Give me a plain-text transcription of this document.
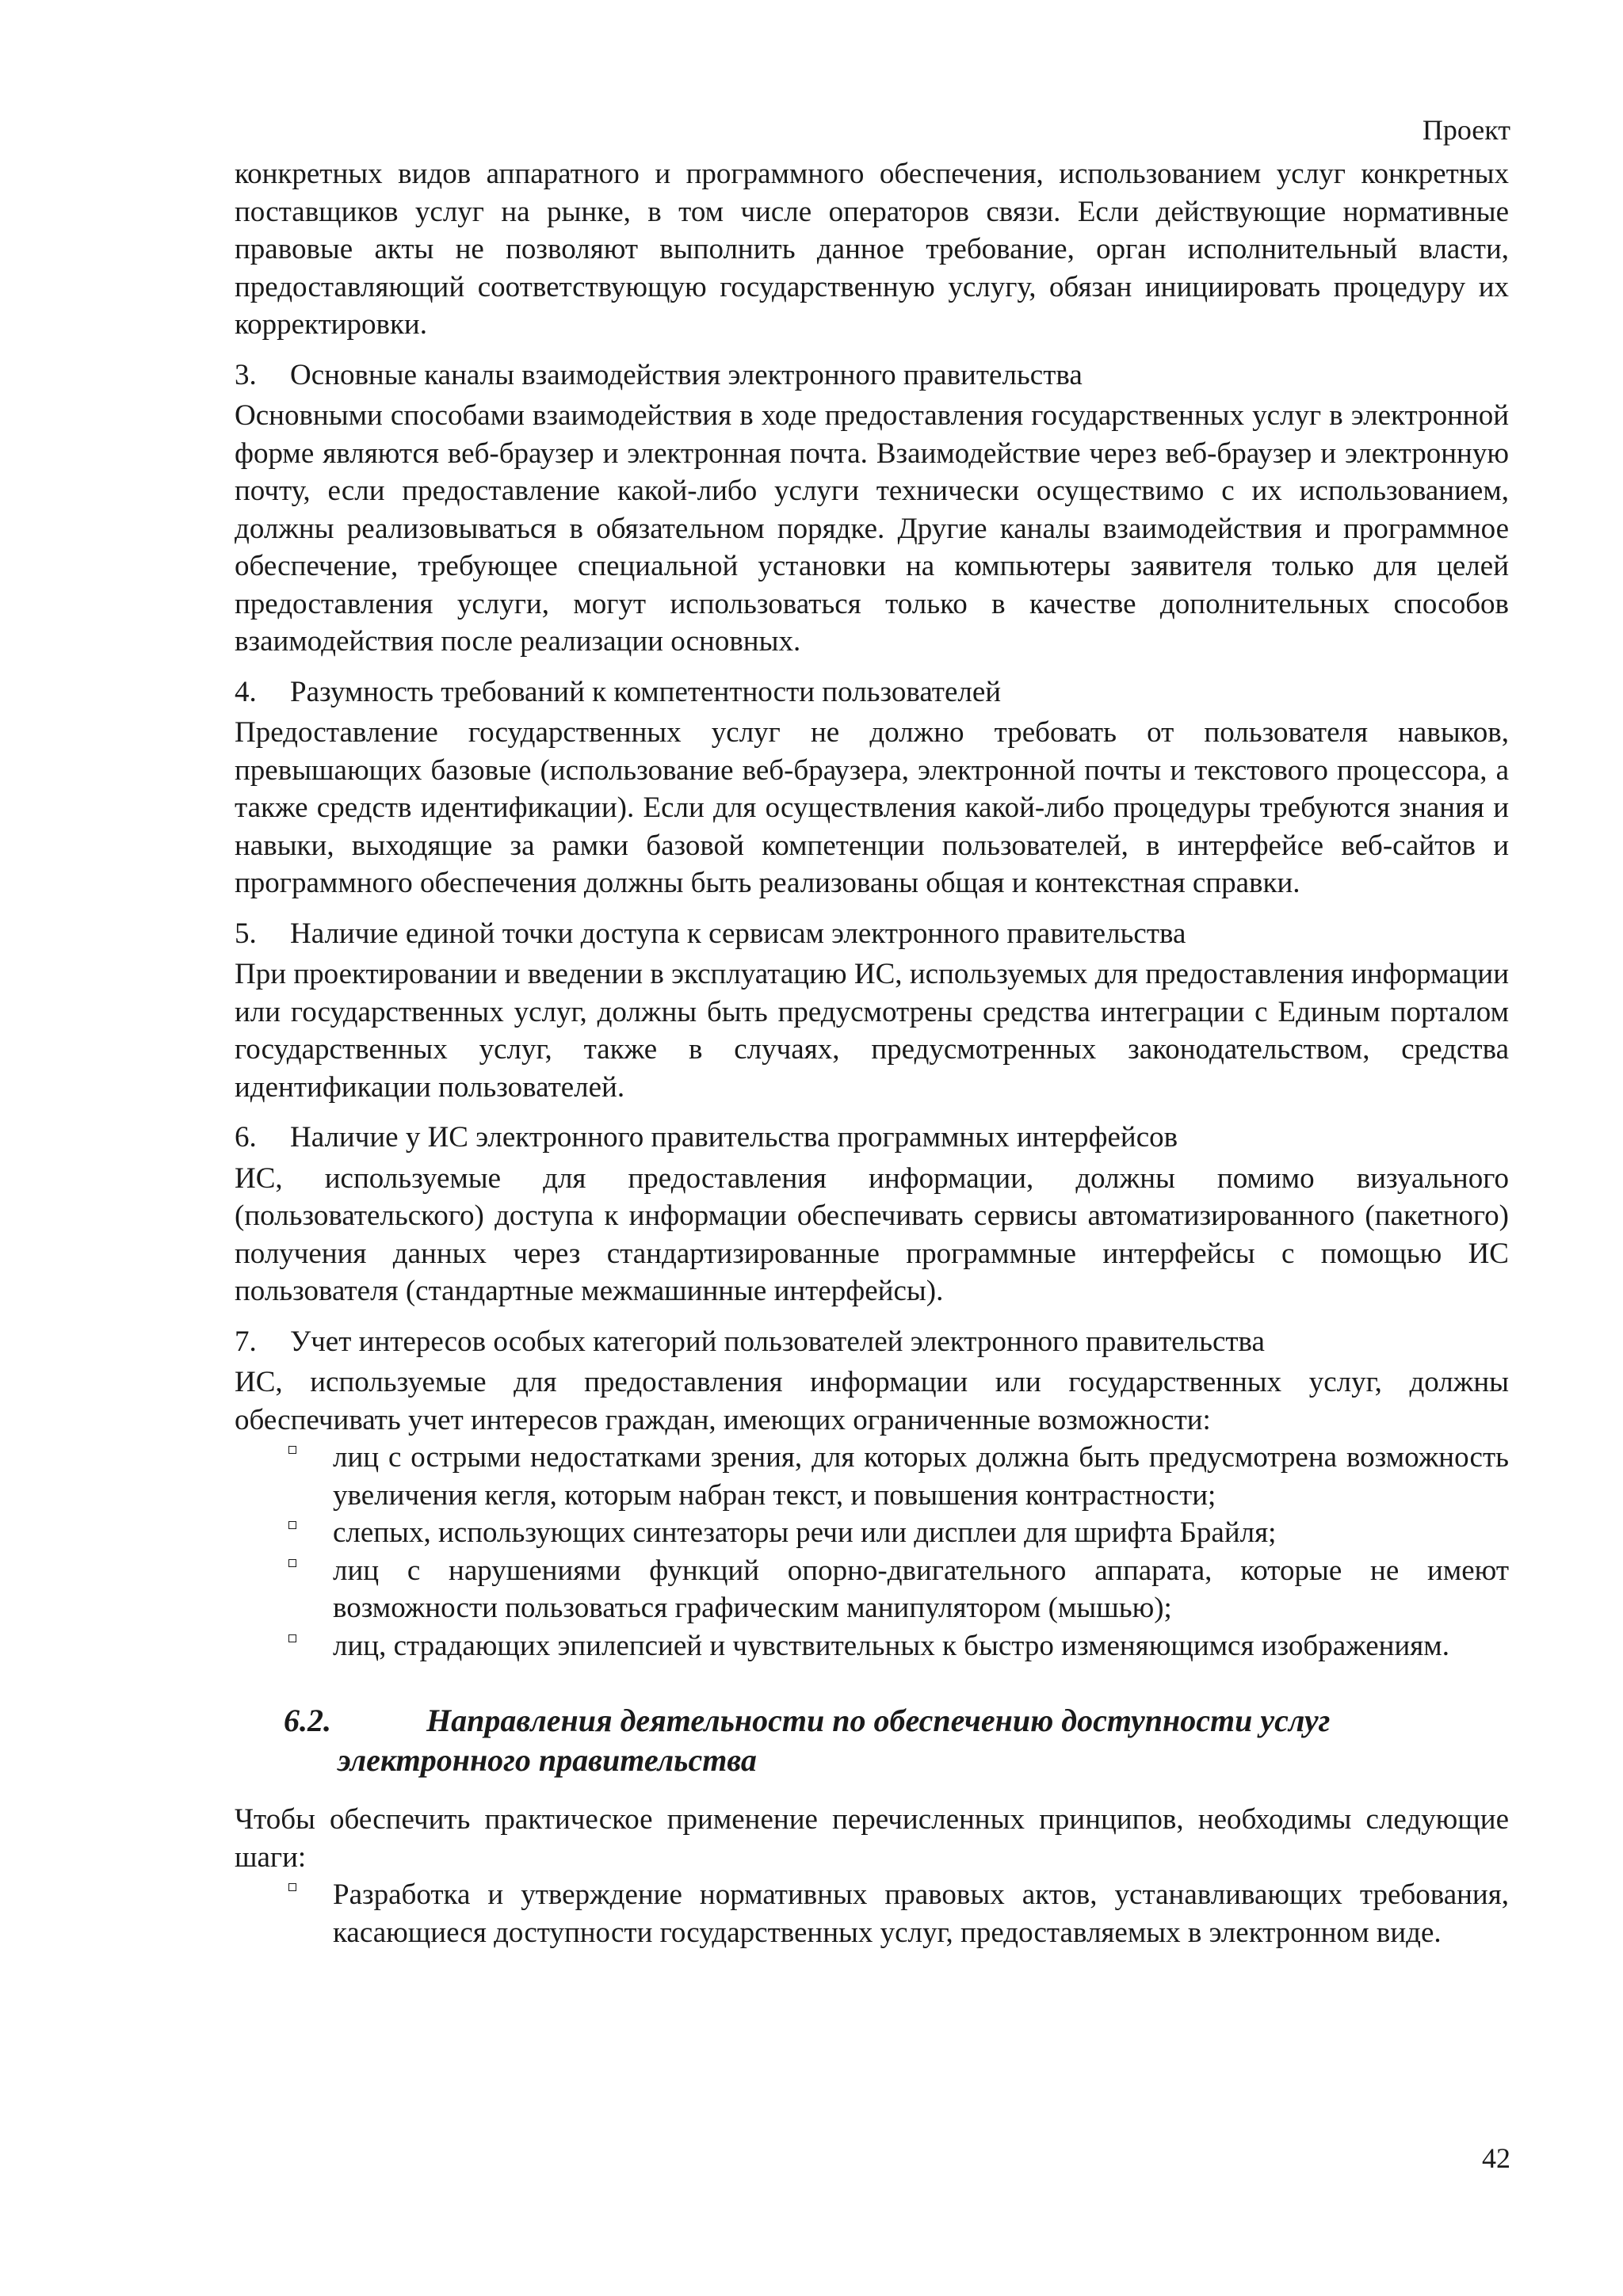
Проект

конкретных видов аппаратного и программного обеспечения, использованием услуг конкретных поставщиков услуг на рынке, в том числе операторов связи. Если действующие нормативные правовые акты не позволяют выполнить данное требование, орган исполнительный власти, предоставляющий соответствующую государственную услугу, обязан инициировать процедуру их корректировки.

3.	Основные каналы взаимодействия электронного правительства

Основными способами взаимодействия в ходе предоставления государственных услуг в электронной форме являются веб-браузер и электронная почта. Взаимодействие через веб-браузер и электронную почту, если предоставление какой-либо услуги технически осуществимо с их использованием, должны реализовываться в обязательном порядке. Другие каналы взаимодействия и программное обеспечение, требующее специальной установки на компьютеры заявителя только для целей предоставления услуги, могут использоваться только в качестве дополнительных способов взаимодействия после реализации основных.

4.	Разумность требований к компетентности пользователей

Предоставление государственных услуг не должно требовать от пользователя навыков, превышающих базовые (использование веб-браузера, электронной почты и текстового процессора, а также средств идентификации). Если для осуществления какой-либо процедуры требуются знания и навыки, выходящие за рамки базовой компетенции пользователей, в интерфейсе веб-сайтов и программного обеспечения должны быть реализованы общая и контекстная справки.

5.	Наличие единой точки доступа к сервисам электронного правительства

При проектировании и введении в эксплуатацию ИС, используемых для предоставления информации или государственных услуг, должны быть предусмотрены средства интеграции с Единым порталом государственных услуг, также в случаях, предусмотренных законодательством, средства идентификации пользователей.

6.	Наличие у ИС электронного правительства программных интерфейсов

ИС, используемые для предоставления информации, должны помимо визуального (пользовательского) доступа к информации обеспечивать сервисы автоматизированного (пакетного) получения данных через стандартизированные программные интерфейсы с помощью ИС пользователя (стандартные межмашинные интерфейсы).

7.	Учет интересов особых категорий пользователей электронного правительства

ИС, используемые для предоставления информации или государственных услуг, должны обеспечивать учет интересов граждан, имеющих ограниченные возможности:

лиц с острыми недостатками зрения, для которых должна быть предусмотрена возможность увеличения кегля, которым набран текст, и повышения контрастности;
слепых, использующих синтезаторы речи или дисплеи для шрифта Брайля;
лиц с нарушениями функций опорно-двигательного аппарата, которые не имеют возможности пользоваться графическим манипулятором (мышью);
лиц, страдающих эпилепсией и чувствительных к быстро изменяющимся изображениям.
6.2.	Направления деятельности по обеспечению доступности услуг
электронного правительства

Чтобы обеспечить практическое применение перечисленных принципов, необходимы следующие шаги:

Разработка и утверждение нормативных правовых актов, устанавливающих требования, касающиеся доступности государственных услуг, предоставляемых в электронном виде.
42
